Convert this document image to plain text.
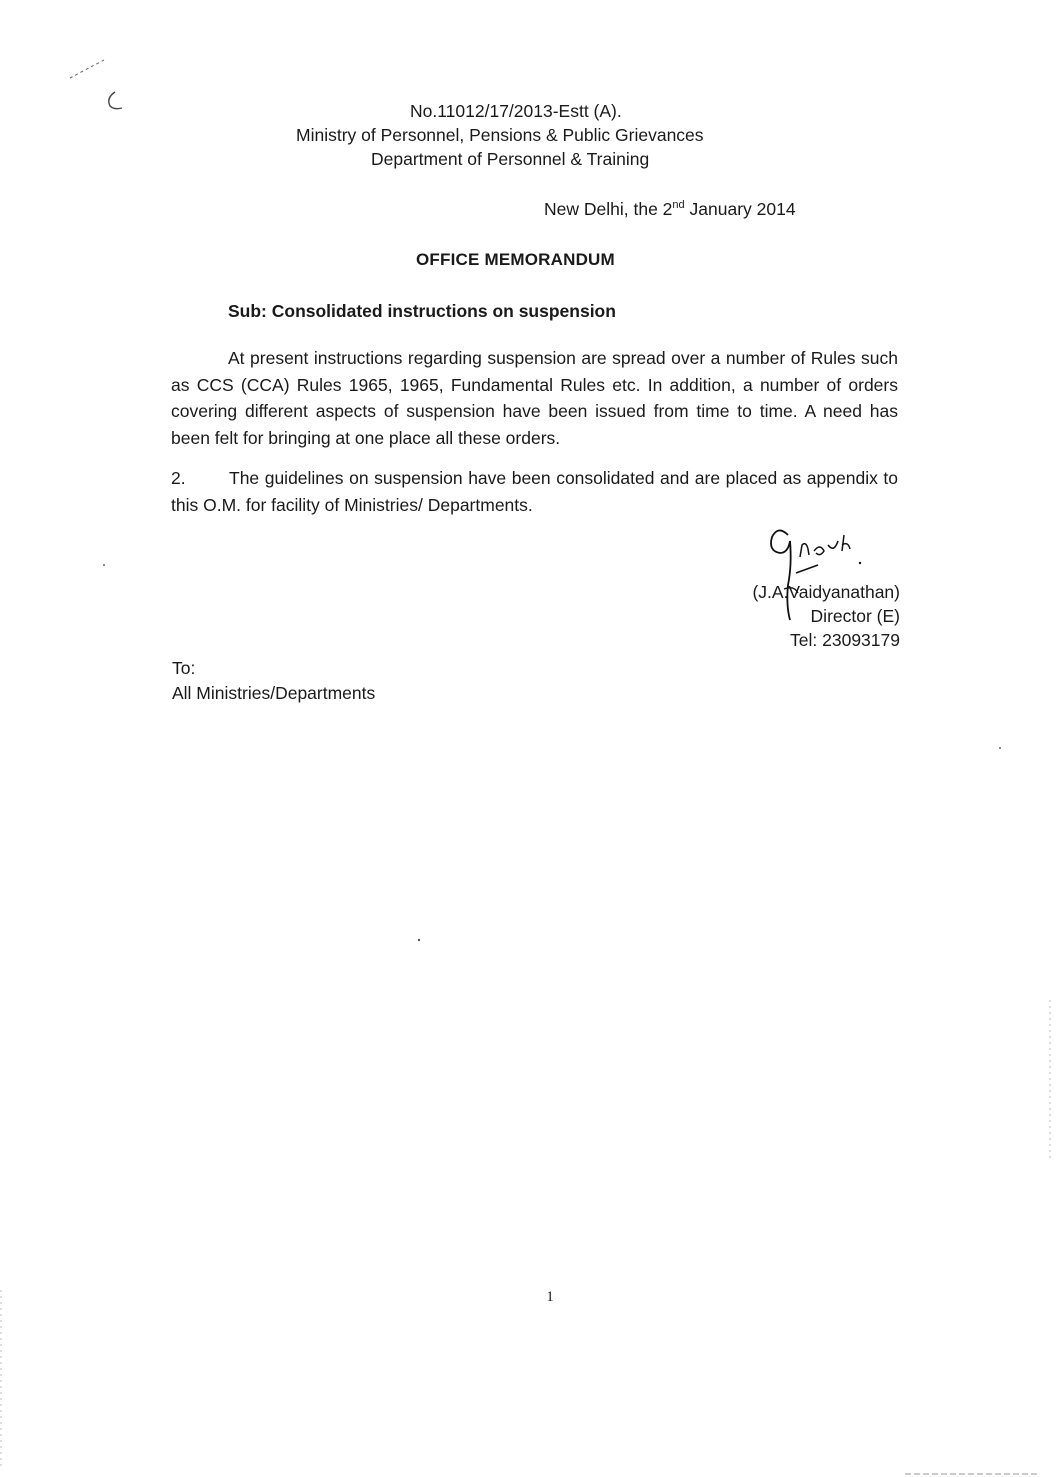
No.11012/17/2013-Estt (A).
Ministry of Personnel, Pensions & Public Grievances
Department of Personnel & Training
New Delhi, the 2nd January 2014
OFFICE MEMORANDUM
Sub: Consolidated instructions on suspension
At present instructions regarding suspension are spread over a number of Rules such as CCS (CCA) Rules 1965, 1965, Fundamental Rules etc. In addition, a number of orders covering different aspects of suspension have been issued from time to time. A need has been felt for bringing at one place all these orders.
2. The guidelines on suspension have been consolidated and are placed as appendix to this O.M. for facility of Ministries/ Departments.
(J.A.Vaidyanathan)
Director (E)
Tel: 23093179
To:
All Ministries/Departments
1
